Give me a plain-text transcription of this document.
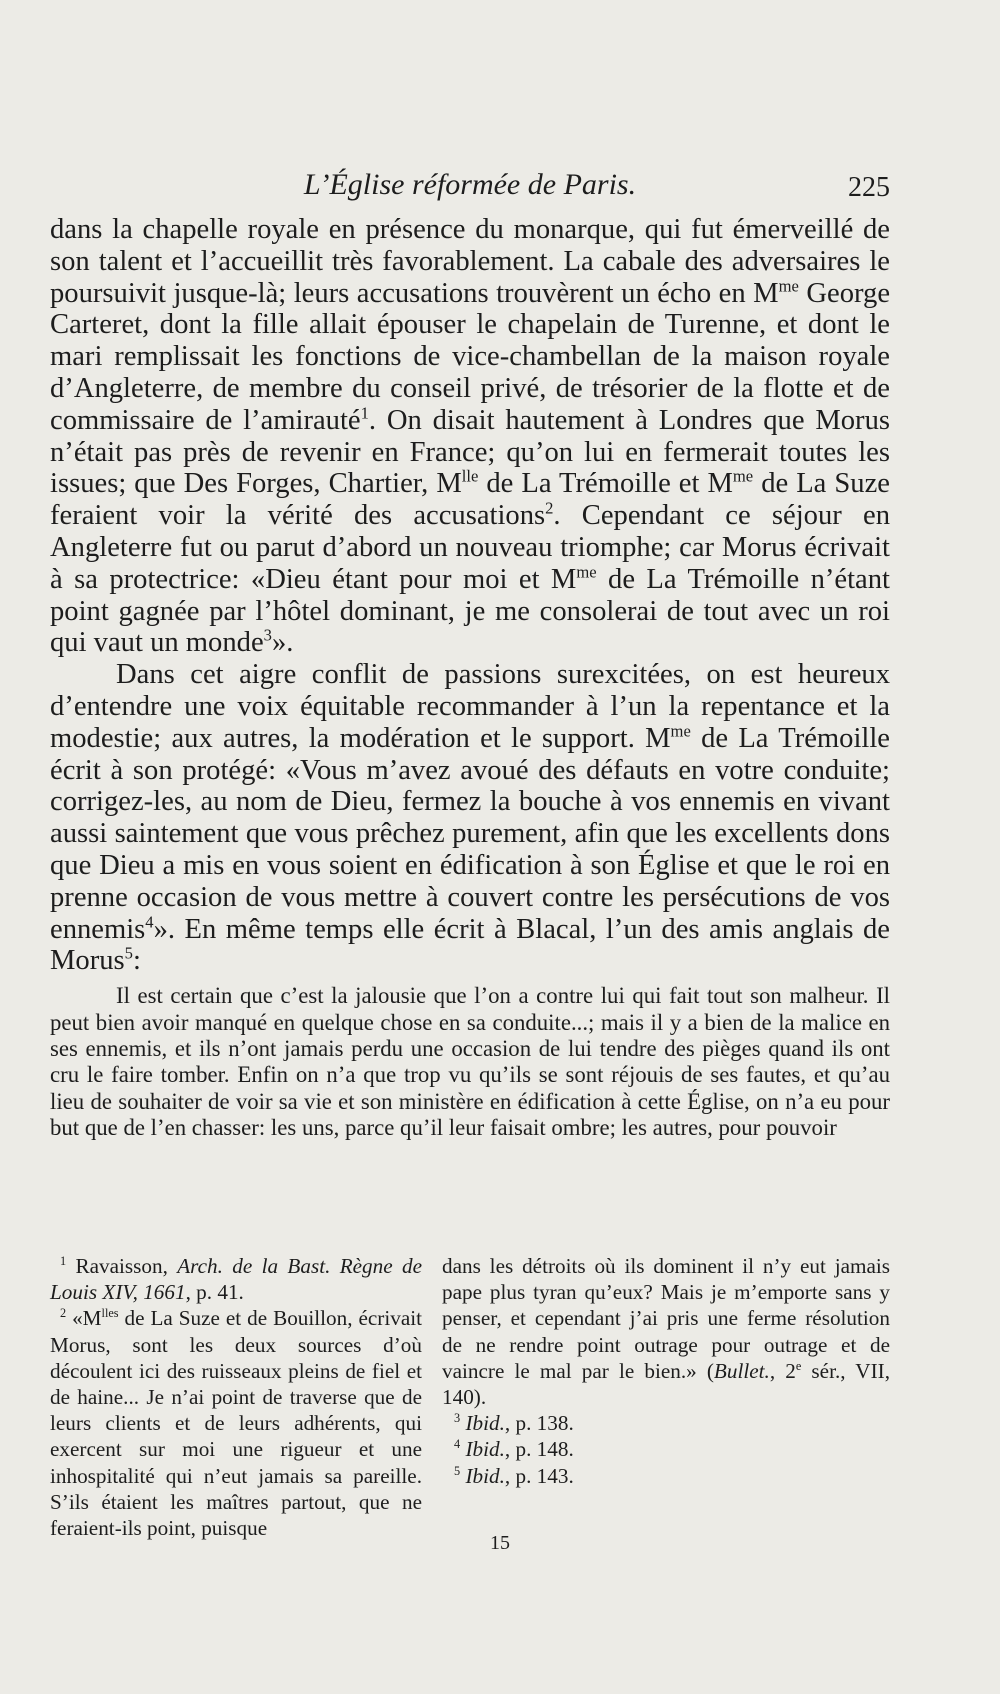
L’Église réformée de Paris.	225

dans la chapelle royale en présence du monarque, qui fut émerveillé de son talent et l’accueillit très favorablement. La cabale des adversaires le poursuivit jusque-là; leurs accusations trouvèrent un écho en $M^{me}$ George Carteret, dont la fille allait épouser le chapelain de Turenne, et dont le mari remplissait les fonctions de vice-chambellan de la maison royale d’Angleterre, de membre du conseil privé, de trésorier de la flotte et de commissaire de l’amirauté$^1$. On disait hautement à Londres que Morus n’était pas près de revenir en France; qu’on lui en fermerait toutes les issues; que Des Forges, Chartier, $M^{lle}$ de La Trémoille et $M^{me}$ de La Suze feraient voir la vérité des accusations$^2$. Cependant ce séjour en Angleterre fut ou parut d’abord un nouveau triomphe; car Morus écrivait à sa protectrice: «Dieu étant pour moi et $M^{me}$ de La Trémoille n’étant point gagnée par l’hôtel dominant, je me consolerai de tout avec un roi qui vaut un monde$^3$».

Dans cet aigre conflit de passions surexcitées, on est heureux d’entendre une voix équitable recommander à l’un la repentance et la modestie; aux autres, la modération et le support. $M^{me}$ de La Trémoille écrit à son protégé: «Vous m’avez avoué des défauts en votre conduite; corrigez-les, au nom de Dieu, fermez la bouche à vos ennemis en vivant aussi saintement que vous prêchez purement, afin que les excellents dons que Dieu a mis en vous soient en édification à son Église et que le roi en prenne occasion de vous mettre à couvert contre les persécutions de vos ennemis$^4$». En même temps elle écrit à Blacal, l’un des amis anglais de Morus$^5$:

Il est certain que c’est la jalousie que l’on a contre lui qui fait tout son malheur. Il peut bien avoir manqué en quelque chose en sa conduite...; mais il y a bien de la malice en ses ennemis, et ils n’ont jamais perdu une occasion de lui tendre des pièges quand ils ont cru le faire tomber. Enfin on n’a que trop vu qu’ils se sont réjouis de ses fautes, et qu’au lieu de souhaiter de voir sa vie et son ministère en édification à cette Église, on n’a eu pour but que de l’en chasser: les uns, parce qu’il leur faisait ombre; les autres, pour pouvoir

$^1$ Ravaisson, Arch. de la Bast. Règne de Louis XIV, 1661, p. 41.

$^2$ «$M^{lles}$ de La Suze et de Bouillon, écrivait Morus, sont les deux sources d’où découlent ici des ruisseaux pleins de fiel et de haine... Je n’ai point de traverse que de leurs clients et de leurs adhérents, qui exercent sur moi une rigueur et une inhospitalité qui n’eut jamais sa pareille. S’ils étaient les maîtres partout, que ne feraient-ils point, puisque

dans les détroits où ils dominent il n’y eut jamais pape plus tyran qu’eux? Mais je m’emporte sans y penser, et cependant j’ai pris une ferme résolution de ne rendre point outrage pour outrage et de vaincre le mal par le bien.» (Bullet., 2e sér., VII, 140).

$^3$ Ibid., p. 138.

$^4$ Ibid., p. 148.

$^5$ Ibid., p. 143.

15
